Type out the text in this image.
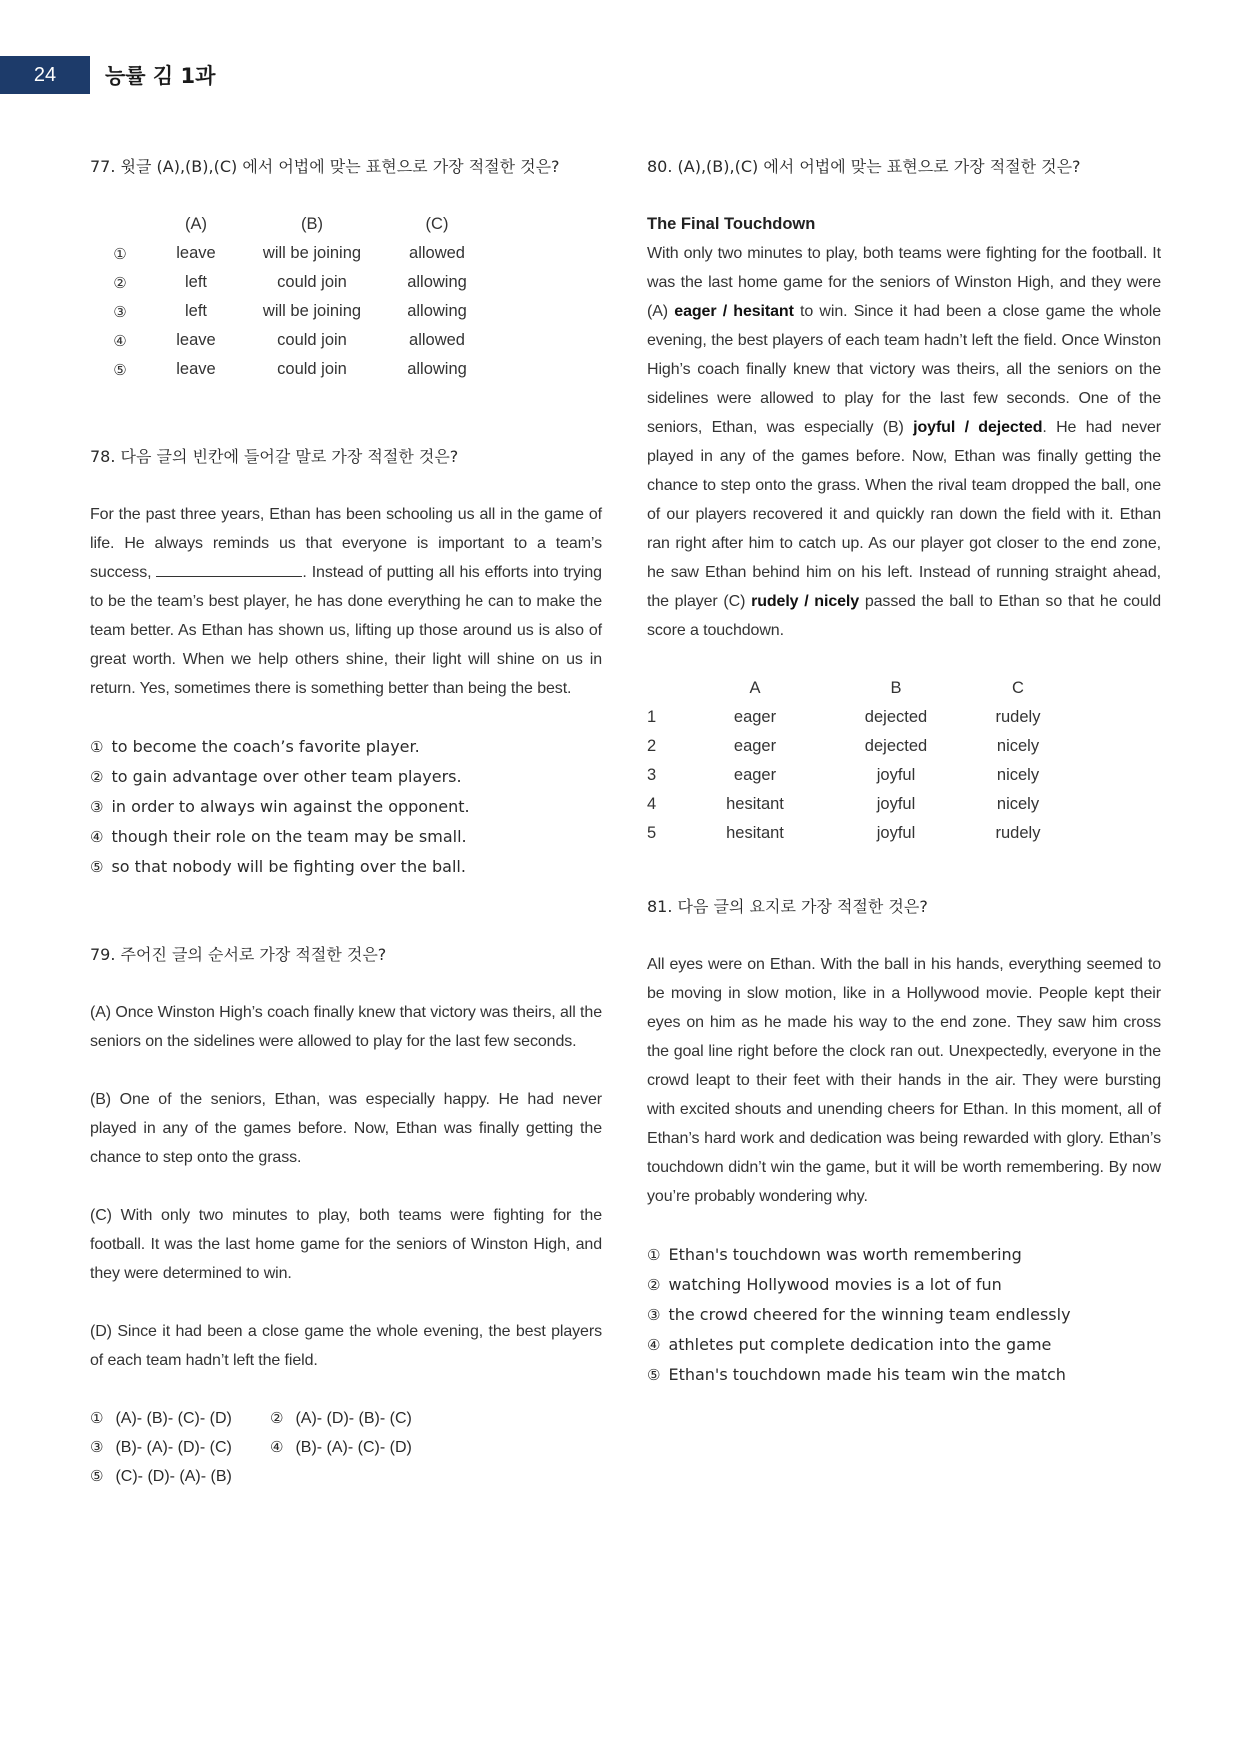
24	능률 김 1과

77. 윗글 (A),(B),(C) 에서 어법에 맞는 표현으로 가장 적절한 것은?

	(A)	(B)	(C)	
①	leave	will be joining	allowed	
②	left	could join	allowing	
③	left	will be joining	allowing	
④	leave	could join	allowed	
⑤	leave	could join	allowing	

78. 다음 글의 빈칸에 들어갈 말로 가장 적절한 것은?

For the past three years, Ethan has been schooling us all in the game of life. He always reminds us that everyone is important to a team’s success,	. Instead of putting all his efforts into trying to be the team’s best player, he has done everything he can to make the team better. As Ethan has shown us, lifting up those around us is also of great worth. When we help others shine, their light will shine on us in return. Yes, sometimes there is something better than being the best.

① to become the coach’s favorite player.
② to gain advantage over other team players.
③ in order to always win against the opponent.
④ though their role on the team may be small.
⑤ so that nobody will be fighting over the ball.

79. 주어진 글의 순서로 가장 적절한 것은?

(A) Once Winston High’s coach finally knew that victory was theirs, all the seniors on the sidelines were allowed to play for the last few seconds.

(B) One of the seniors, Ethan, was especially happy. He had never played in any of the games before. Now, Ethan was finally getting the chance to step onto the grass.

(C) With only two minutes to play, both teams were fighting for the football. It was the last home game for the seniors of Winston High, and they were determined to win.

(D) Since it had been a close game the whole evening, the best players of each team hadn’t left the field.

① (A)- (B)- (C)- (D)	② (A)- (D)- (B)- (C)
③ (B)- (A)- (D)- (C)	④ (B)- (A)- (C)- (D)
⑤ (C)- (D)- (A)- (B)

80. (A),(B),(C) 에서 어법에 맞는 표현으로 가장 적절한 것은?

The Final Touchdown

With only two minutes to play, both teams were fighting for the football. It was the last home game for the seniors of Winston High, and they were (A) eager / hesitant to win. Since it had been a close game the whole evening, the best players of each team hadn’t left the field. Once Winston High’s coach finally knew that victory was theirs, all the seniors on the sidelines were allowed to play for the last few seconds. One of the seniors, Ethan, was especially (B) joyful / dejected. He had never played in any of the games before. Now, Ethan was finally getting the chance to step onto the grass. When the rival team dropped the ball, one of our players recovered it and quickly ran down the field with it. Ethan ran right after him to catch up. As our player got closer to the end zone, he saw Ethan behind him on his left. Instead of running straight ahead, the player (C) rudely / nicely passed the ball to Ethan so that he could score a touchdown.

	A	B	C
1	eager	dejected	rudely
2	eager	dejected	nicely
3	eager	joyful	nicely
4	hesitant	joyful	nicely
5	hesitant	joyful	rudely

81. 다음 글의 요지로 가장 적절한 것은?

All eyes were on Ethan. With the ball in his hands, everything seemed to be moving in slow motion, like in a Hollywood movie. People kept their eyes on him as he made his way to the end zone. They saw him cross the goal line right before the clock ran out. Unexpectedly, everyone in the crowd leapt to their feet with their hands in the air. They were bursting with excited shouts and unending cheers for Ethan. In this moment, all of Ethan’s hard work and dedication was being rewarded with glory. Ethan’s touchdown didn’t win the game, but it will be worth remembering. By now you’re probably wondering why.

① Ethan's touchdown was worth remembering
② watching Hollywood movies is a lot of fun
③ the crowd cheered for the winning team endlessly
④ athletes put complete dedication into the game
⑤ Ethan's touchdown made his team win the match
